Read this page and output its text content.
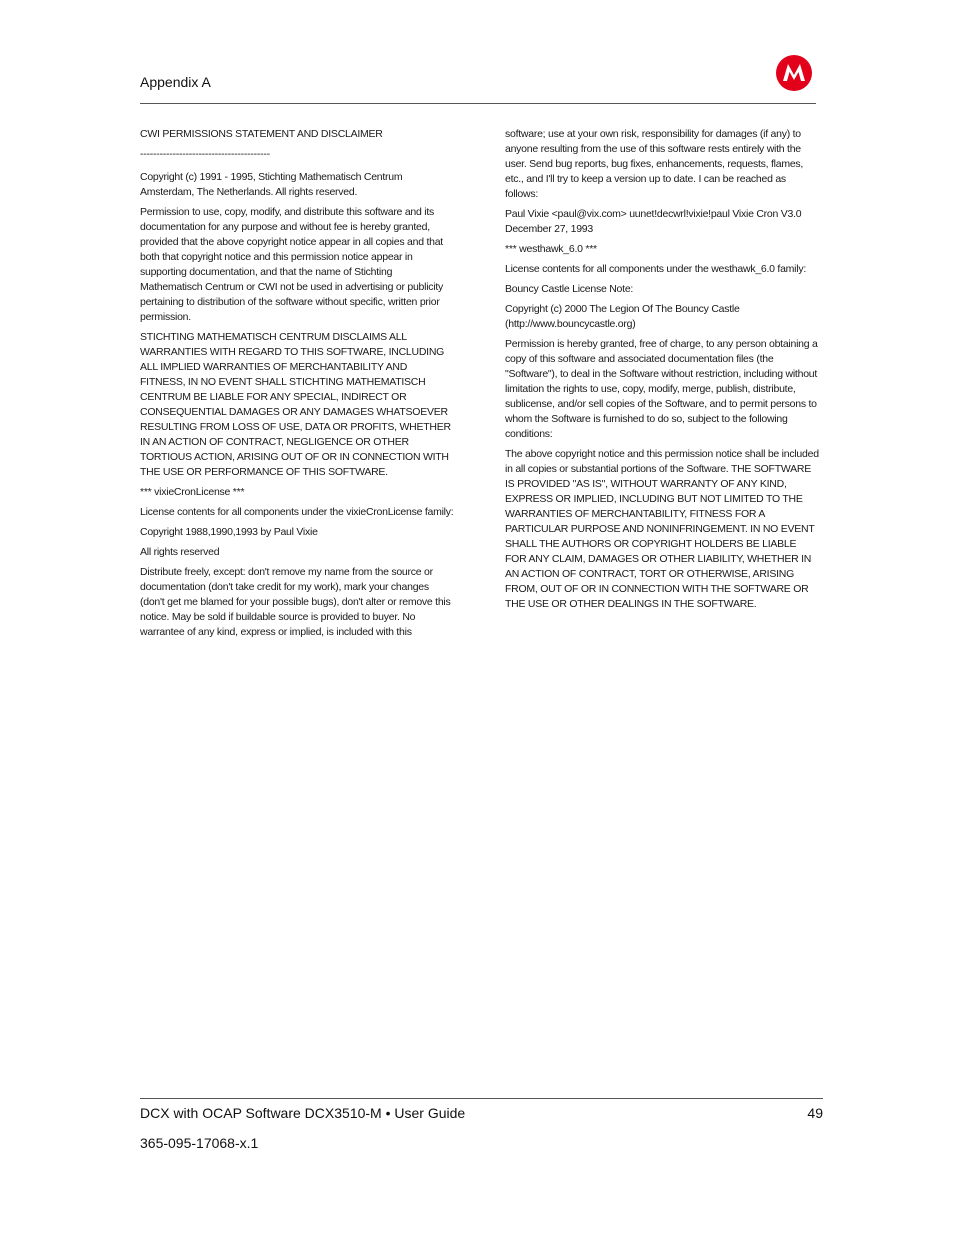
Appendix A

CWI PERMISSIONS STATEMENT AND DISCLAIMER

----------------------------------------

Copyright (c) 1991 - 1995, Stichting Mathematisch Centrum Amsterdam, The Netherlands. All rights reserved.

Permission to use, copy, modify, and distribute this software and its documentation for any purpose and without fee is hereby granted, provided that the above copyright notice appear in all copies and that both that copyright notice and this permission notice appear in supporting documentation, and that the name of Stichting Mathematisch Centrum or CWI not be used in advertising or publicity pertaining to distribution of the software without specific, written prior permission.

STICHTING MATHEMATISCH CENTRUM DISCLAIMS ALL WARRANTIES WITH REGARD TO THIS SOFTWARE, INCLUDING ALL IMPLIED WARRANTIES OF MERCHANTABILITY AND FITNESS, IN NO EVENT SHALL STICHTING MATHEMATISCH CENTRUM BE LIABLE FOR ANY SPECIAL, INDIRECT OR CONSEQUENTIAL DAMAGES OR ANY DAMAGES WHATSOEVER RESULTING FROM LOSS OF USE, DATA OR PROFITS, WHETHER IN AN ACTION OF CONTRACT, NEGLIGENCE OR OTHER TORTIOUS ACTION, ARISING OUT OF OR IN CONNECTION WITH THE USE OR PERFORMANCE OF THIS SOFTWARE.

*** vixieCronLicense ***

License contents for all components under the vixieCronLicense family:

Copyright 1988,1990,1993 by Paul Vixie

All rights reserved

Distribute freely, except: don't remove my name from the source or documentation (don't take credit for my work), mark your changes (don't get me blamed for your possible bugs), don't alter or remove this notice. May be sold if buildable source is provided to buyer. No warrantee of any kind, express or implied, is included with this

software; use at your own risk, responsibility for damages (if any) to anyone resulting from the use of this software rests entirely with the user. Send bug reports, bug fixes, enhancements, requests, flames, etc., and I'll try to keep a version up to date. I can be reached as follows:

Paul Vixie <paul@vix.com> uunet!decwrl!vixie!paul Vixie Cron V3.0 December 27, 1993

*** westhawk_6.0 ***

License contents for all components under the westhawk_6.0 family:

Bouncy Castle License Note:

Copyright (c) 2000 The Legion Of The Bouncy Castle (http://www.bouncycastle.org)

Permission is hereby granted, free of charge, to any person obtaining a copy of this software and associated documentation files (the "Software"), to deal in the Software without restriction, including without limitation the rights to use, copy, modify, merge, publish, distribute, sublicense, and/or sell copies of the Software, and to permit persons to whom the Software is furnished to do so, subject to the following conditions:

The above copyright notice and this permission notice shall be included in all copies or substantial portions of the Software. THE SOFTWARE IS PROVIDED "AS IS", WITHOUT WARRANTY OF ANY KIND, EXPRESS OR IMPLIED, INCLUDING BUT NOT LIMITED TO THE WARRANTIES OF MERCHANTABILITY, FITNESS FOR A PARTICULAR PURPOSE AND NONINFRINGEMENT. IN NO EVENT SHALL THE AUTHORS OR COPYRIGHT HOLDERS BE LIABLE FOR ANY CLAIM, DAMAGES OR OTHER LIABILITY, WHETHER IN AN ACTION OF CONTRACT, TORT OR OTHERWISE, ARISING FROM, OUT OF OR IN CONNECTION WITH THE SOFTWARE OR THE USE OR OTHER DEALINGS IN THE SOFTWARE.

DCX with OCAP Software DCX3510-M • User Guide	49
365-095-17068-x.1
